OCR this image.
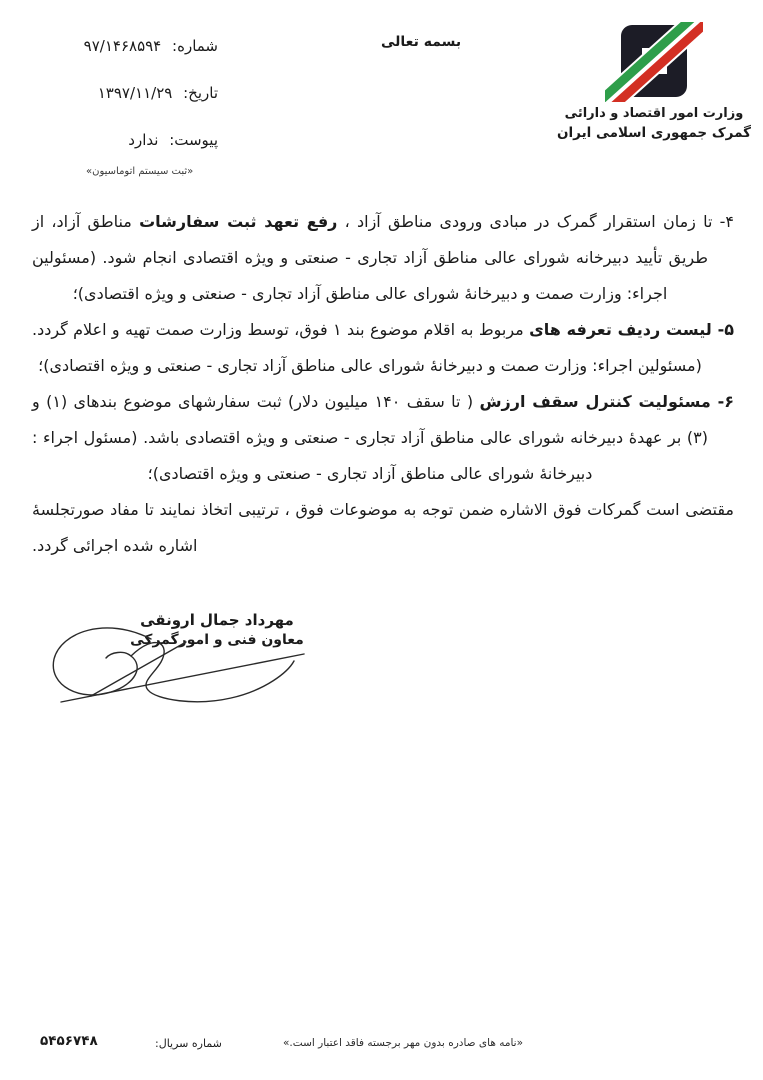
شماره: ۹۷/۱۴۶۸۵۹۴
تاریخ: ۱۳۹۷/۱۱/۲۹
پیوست: ندارد
«ثبت سیستم اتوماسیون»
بسمه تعالی
وزارت امور اقتصاد و دارائی
گمرک جمهوری اسلامی ایران

۴- تا زمان استقرار گمرک در مبادی ورودی مناطق آزاد ، رفع تعهد ثبت سفارشات مناطق آزاد، از طریق تأیید دبیرخانه شورای عالی مناطق آزاد تجاری - صنعتی و ویژه اقتصادی انجام شود. (مسئولین اجراء: وزارت صمت و دبیرخانهٔ شورای عالی مناطق آزاد تجاری - صنعتی و ویژه اقتصادی)؛

۵- لیست ردیف تعرفه های مربوط به اقلام موضوع بند ۱ فوق، توسط وزارت صمت تهیه و اعلام گردد. (مسئولین اجراء: وزارت صمت و دبیرخانهٔ شورای عالی مناطق آزاد تجاری - صنعتی و ویژه اقتصادی)؛

۶- مسئولیت کنترل سقف ارزش ( تا سقف ۱۴۰ میلیون دلار) ثبت سفارشهای موضوع بندهای (۱) و (۳) بر عهدهٔ دبیرخانه شورای عالی مناطق آزاد تجاری - صنعتی و ویژه اقتصادی باشد. (مسئول اجراء : دبیرخانهٔ شورای عالی مناطق آزاد تجاری - صنعتی و ویژه اقتصادی)؛

مقتضی است گمرکات فوق الاشاره ضمن توجه به موضوعات فوق ، ترتیبی اتخاذ نمایند تا مفاد صورتجلسهٔ اشاره شده اجرائی گردد.

مهرداد جمال ارونقی
معاون فنی و امورگمرکی
«نامه های صادره بدون مهر برجسته فاقد اعتبار است.»
شماره سریال:
۵۴۵۶۷۴۸
